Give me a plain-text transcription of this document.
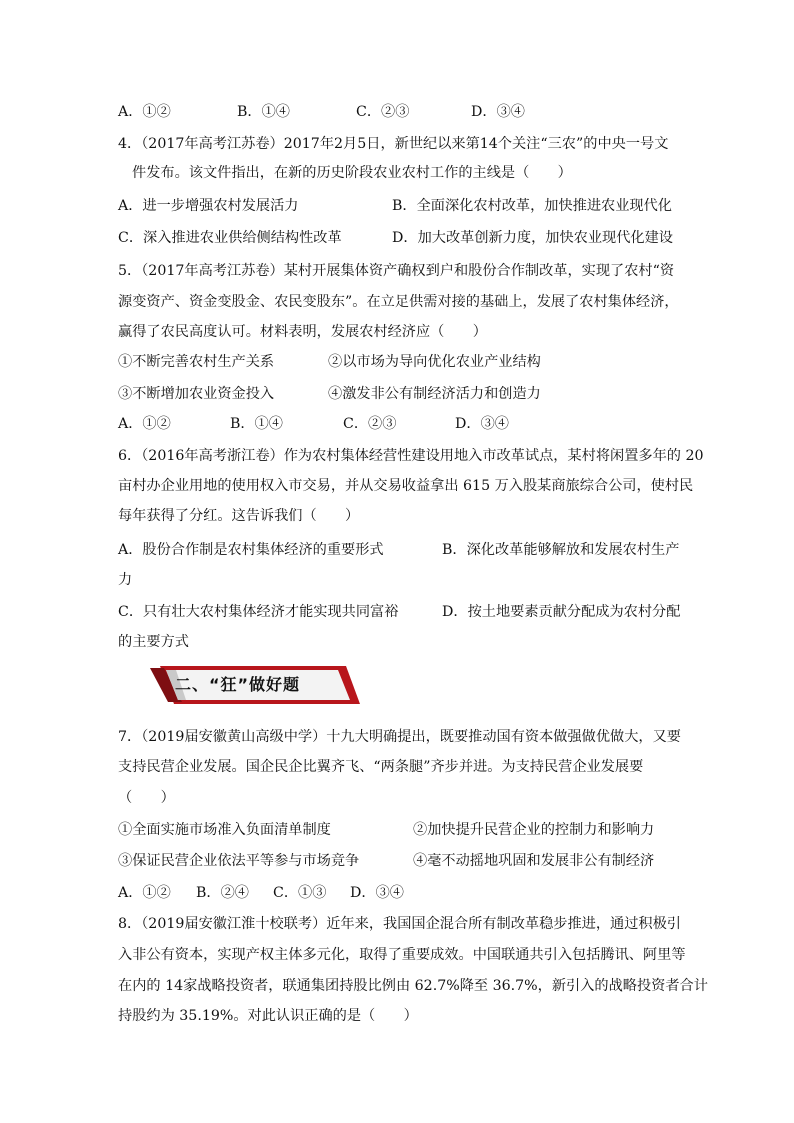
A．①②	B．①④	C．②③	D．③④
4．（2017年高考江苏卷）2017年2月5日，新世纪以来第14个关注“三农”的中央一号文
件发布。该文件指出，在新的历史阶段农业农村工作的主线是（　　）
A．进一步增强农村发展活力	B．全面深化农村改革，加快推进农业现代化
C．深入推进农业供给侧结构性改革	D．加大改革创新力度，加快农业现代化建设
5．（2017年高考江苏卷）某村开展集体资产确权到户和股份合作制改革，实现了农村“资
源变资产、资金变股金、农民变股东”。在立足供需对接的基础上，发展了农村集体经济，
赢得了农民高度认可。材料表明，发展农村经济应（　　）
①不断完善农村生产关系	②以市场为导向优化农业产业结构
③不断增加农业资金投入	④激发非公有制经济活力和创造力
A．①②	B．①④	C．②③	D．③④
6．（2016年高考浙江卷）作为农村集体经营性建设用地入市改革试点，某村将闲置多年的 20
亩村办企业用地的使用权入市交易，并从交易收益拿出 615 万入股某商旅综合公司，使村民
每年获得了分红。这告诉我们（　　）
A．股份合作制是农村集体经济的重要形式	B．深化改革能够解放和发展农村生产
力
C．只有壮大农村集体经济才能实现共同富裕	D．按土地要素贡献分配成为农村分配
的主要方式
二、“狂”做好题
7．（2019届安徽黄山高级中学）十九大明确提出，既要推动国有资本做强做优做大，又要
支持民营企业发展。国企民企比翼齐飞、“两条腿”齐步并进。为支持民营企业发展要
（　　）
①全面实施市场准入负面清单制度	②加快提升民营企业的控制力和影响力
③保证民营企业依法平等参与市场竞争	④毫不动摇地巩固和发展非公有制经济
A．①② B．②④ C．①③ D．③④
8．（2019届安徽江淮十校联考）近年来，我国国企混合所有制改革稳步推进，通过积极引
入非公有资本，实现产权主体多元化，取得了重要成效。中国联通共引入包括腾讯、阿里等
在内的 14家战略投资者，联通集团持股比例由 62.7%降至 36.7%，新引入的战略投资者合计
持股约为 35.19%。对此认识正确的是（　　）
